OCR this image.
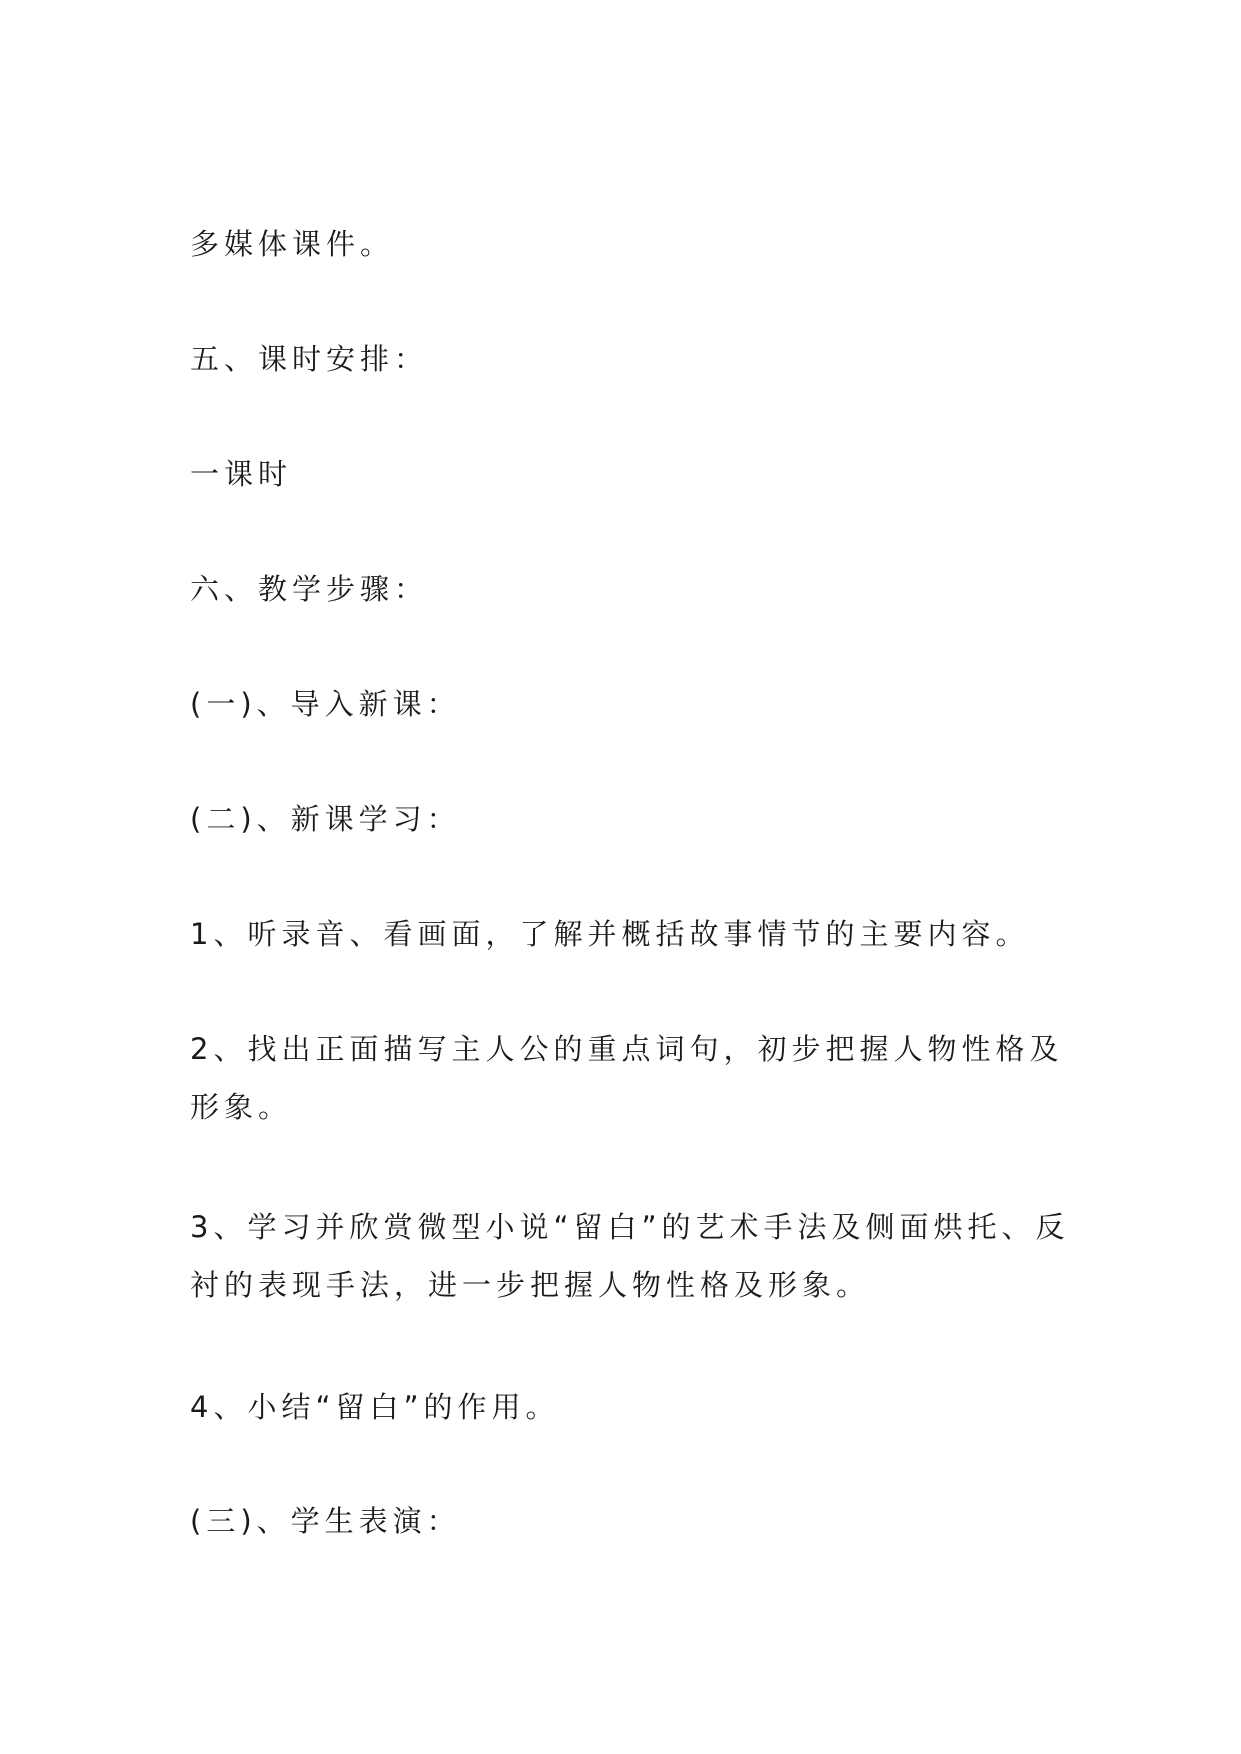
多媒体课件。
五、课时安排：
一课时
六、教学步骤：
(一)、导入新课：
(二)、新课学习：
1、听录音、看画面，了解并概括故事情节的主要内容。
2、找出正面描写主人公的重点词句，初步把握人物性格及形象。
3、学习并欣赏微型小说“留白”的艺术手法及侧面烘托、反衬的表现手法，进一步把握人物性格及形象。
4、小结“留白”的作用。
(三)、学生表演：
